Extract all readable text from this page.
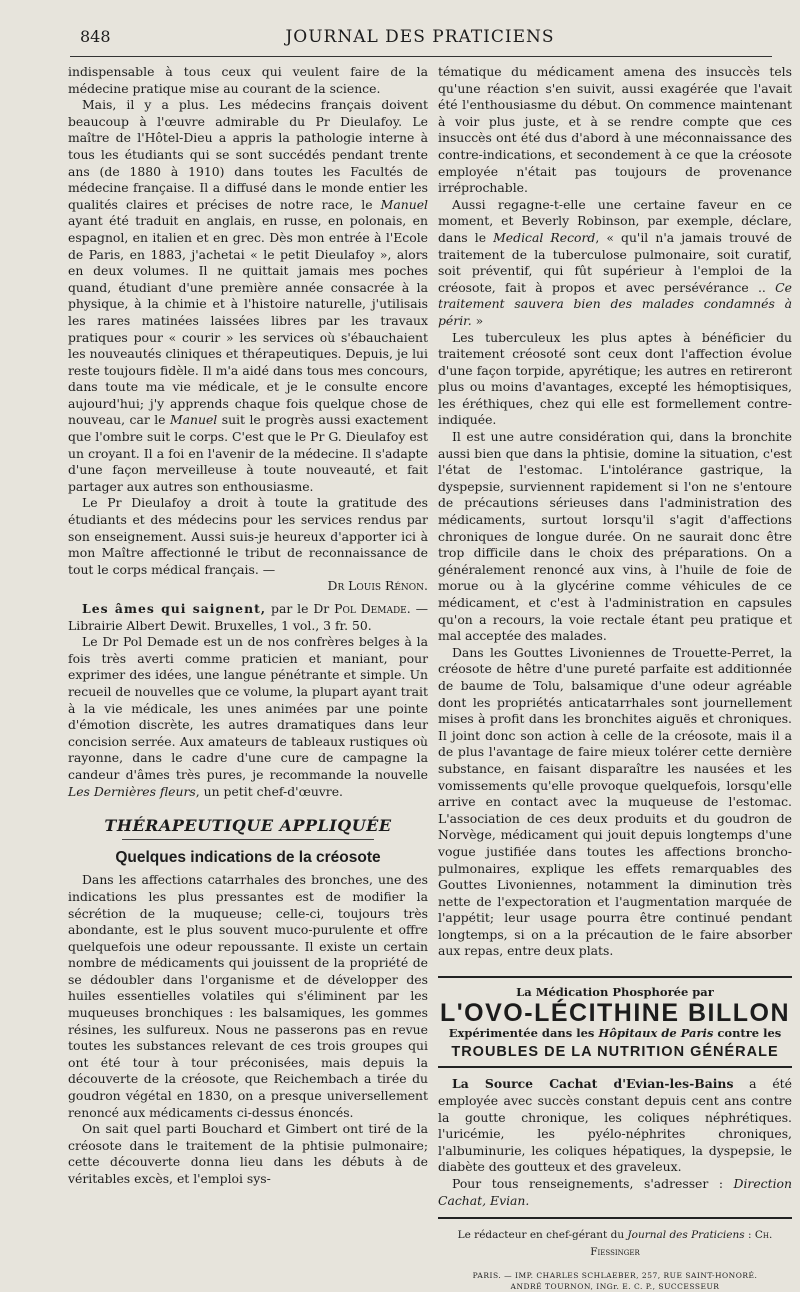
848	JOURNAL DES PRATICIENS

indispensable à tous ceux qui veulent faire de la médecine pratique mise au courant de la science.

Mais, il y a plus. Les médecins français doivent beaucoup à l'œuvre admirable du Pr Dieulafoy. Le maître de l'Hôtel-Dieu a appris la pathologie interne à tous les étudiants qui se sont succédés pendant trente ans (de 1880 à 1910) dans toutes les Facultés de médecine française. Il a diffusé dans le monde entier les qualités claires et précises de notre race, le Manuel ayant été traduit en anglais, en russe, en polonais, en espagnol, en italien et en grec. Dès mon entrée à l'Ecole de Paris, en 1883, j'achetai « le petit Dieulafoy », alors en deux volumes. Il ne quittait jamais mes poches quand, étudiant d'une première année consacrée à la physique, à la chimie et à l'histoire naturelle, j'utilisais les rares matinées laissées libres par les travaux pratiques pour « courir » les services où s'ébauchaient les nouveautés cliniques et thérapeutiques. Depuis, je lui reste toujours fidèle. Il m'a aidé dans tous mes concours, dans toute ma vie médicale, et je le consulte encore aujourd'hui; j'y apprends chaque fois quelque chose de nouveau, car le Manuel suit le progrès aussi exactement que l'ombre suit le corps. C'est que le Pr G. Dieulafoy est un croyant. Il a foi en l'avenir de la médecine. Il s'adapte d'une façon merveilleuse à toute nouveauté, et fait partager aux autres son enthousiasme.

Le Pr Dieulafoy a droit à toute la gratitude des étudiants et des médecins pour les services rendus par son enseignement. Aussi suis-je heureux d'apporter ici à mon Maître affectionné le tribut de reconnaissance de tout le corps médical français. —

Dr Louis Rénon.

Les âmes qui saignent, par le Dr Pol Demade. — Librairie Albert Dewit. Bruxelles, 1 vol., 3 fr. 50.

Le Dr Pol Demade est un de nos confrères belges à la fois très averti comme praticien et maniant, pour exprimer des idées, une langue pénétrante et simple. Un recueil de nouvelles que ce volume, la plupart ayant trait à la vie médicale, les unes animées par une pointe d'émotion discrète, les autres dramatiques dans leur concision serrée. Aux amateurs de tableaux rustiques où rayonne, dans le cadre d'une cure de campagne la candeur d'âmes très pures, je recommande la nouvelle Les Dernières fleurs, un petit chef-d'œuvre.

THÉRAPEUTIQUE APPLIQUÉE
Quelques indications de la créosote

Dans les affections catarrhales des bronches, une des indications les plus pressantes est de modifier la sécrétion de la muqueuse; celle-ci, toujours très abondante, est le plus souvent muco-purulente et offre quelquefois une odeur repoussante. Il existe un certain nombre de médicaments qui jouissent de la propriété de se dédoubler dans l'organisme et de développer des huiles essentielles volatiles qui s'éliminent par les muqueuses bronchiques : les balsamiques, les gommes résines, les sulfureux. Nous ne passerons pas en revue toutes les substances relevant de ces trois groupes qui ont été tour à tour préconisées, mais depuis la découverte de la créosote, que Reichembach a tirée du goudron végétal en 1830, on a presque universellement renoncé aux médicaments ci-dessus énoncés.

On sait quel parti Bouchard et Gimbert ont tiré de la créosote dans le traitement de la phtisie pulmonaire; cette découverte donna lieu dans les débuts à de véritables excès, et l'emploi sys-

tématique du médicament amena des insuccès tels qu'une réaction s'en suivit, aussi exagérée que l'avait été l'enthousiasme du début. On commence maintenant à voir plus juste, et à se rendre compte que ces insuccès ont été dus d'abord à une méconnaissance des contre-indications, et secondement à ce que la créosote employée n'était pas toujours de provenance irréprochable.

Aussi regagne-t-elle une certaine faveur en ce moment, et Beverly Robinson, par exemple, déclare, dans le Medical Record, « qu'il n'a jamais trouvé de traitement de la tuberculose pulmonaire, soit curatif, soit préventif, qui fût supérieur à l'emploi de la créosote, fait à propos et avec persévérance .. Ce traitement sauvera bien des malades condamnés à périr. »

Les tuberculeux les plus aptes à bénéficier du traitement créosoté sont ceux dont l'affection évolue d'une façon torpide, apyrétique; les autres en retireront plus ou moins d'avantages, excepté les hémoptisiques, les éréthiques, chez qui elle est formellement contre-indiquée.

Il est une autre considération qui, dans la bronchite aussi bien que dans la phtisie, domine la situation, c'est l'état de l'estomac. L'intolérance gastrique, la dyspepsie, surviennent rapidement si l'on ne s'entoure de précautions sérieuses dans l'administration des médicaments, surtout lorsqu'il s'agit d'affections chroniques de longue durée. On ne saurait donc être trop difficile dans le choix des préparations. On a généralement renoncé aux vins, à l'huile de foie de morue ou à la glycérine comme véhicules de ce médicament, et c'est à l'administration en capsules qu'on a recours, la voie rectale étant peu pratique et mal acceptée des malades.

Dans les Gouttes Livoniennes de Trouette-Perret, la créosote de hêtre d'une pureté parfaite est additionnée de baume de Tolu, balsamique d'une odeur agréable dont les propriétés anticatarrhales sont journellement mises à profit dans les bronchites aiguës et chroniques. Il joint donc son action à celle de la créosote, mais il a de plus l'avantage de faire mieux tolérer cette dernière substance, en faisant disparaître les nausées et les vomissements qu'elle provoque quelquefois, lorsqu'elle arrive en contact avec la muqueuse de l'estomac. L'association de ces deux produits et du goudron de Norvège, médicament qui jouit depuis longtemps d'une vogue justifiée dans toutes les affections broncho-pulmonaires, explique les effets remarquables des Gouttes Livoniennes, notamment la diminution très nette de l'expectoration et l'augmentation marquée de l'appétit; leur usage pourra être continué pendant longtemps, si on a la précaution de le faire absorber aux repas, entre deux plats.

La Médication Phosphorée par
L'OVO-LÉCITHINE BILLON
Expérimentée dans les Hôpitaux de Paris contre les
TROUBLES DE LA NUTRITION GÉNÉRALE

La Source Cachat d'Evian-les-Bains a été employée avec succès constant depuis cent ans contre la goutte chronique, les coliques néphrétiques. l'uricémie, les pyélo-néphrites chroniques, l'albuminurie, les coliques hépatiques, la dyspepsie, le diabète des goutteux et des graveleux.

Pour tous renseignements, s'adresser : Direction Cachat, Evian.

Le rédacteur en chef-gérant du Journal des Praticiens : Ch. Fiessinger
PARIS. — IMP. CHARLES SCHLAEBER, 257, RUE SAINT-HONORÉ.
ANDRÉ TOURNON, INGr. E. C. P., SUCCESSEUR
